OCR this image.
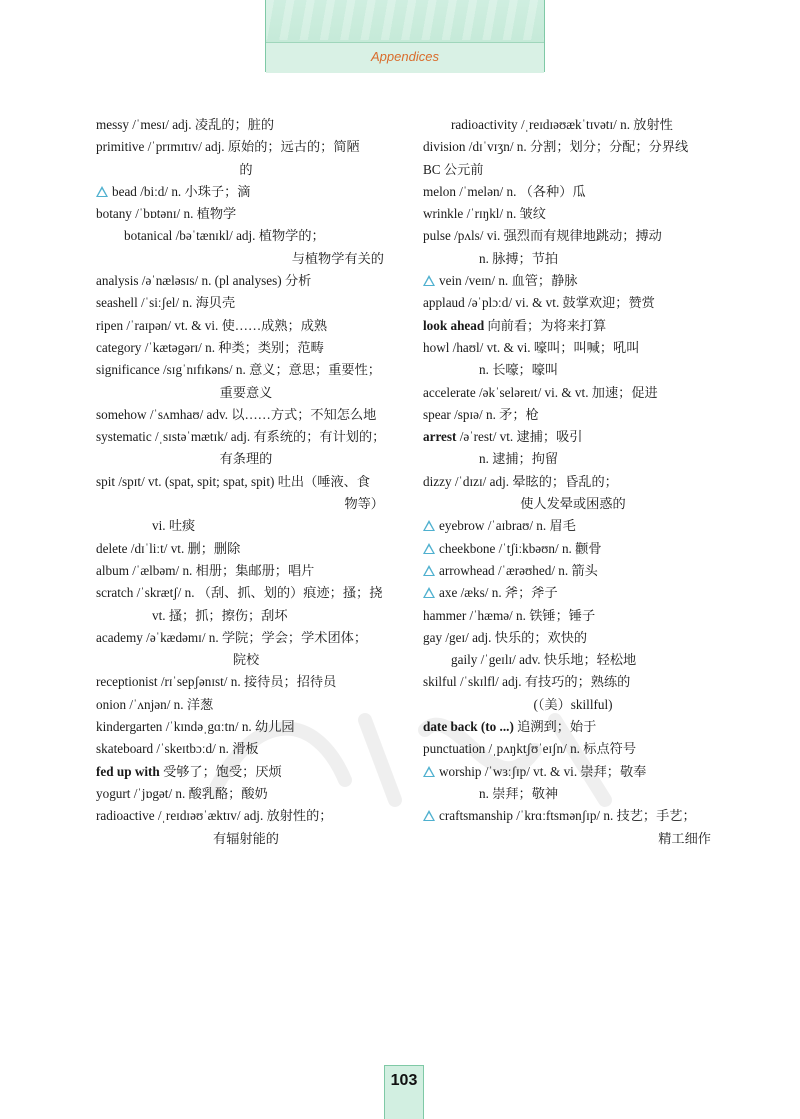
Appendices
messy /ˈmesɪ/ adj. 凌乱的；脏的
primitive /ˈprɪmɪtɪv/ adj. 原始的；远古的；简陋
的
bead /biːd/ n. 小珠子；滴
botany /ˈbɒtənɪ/ n. 植物学
botanical /bəˈtænɪkl/ adj. 植物学的；
与植物学有关的
analysis /əˈnæləsɪs/ n. (pl analyses) 分析
seashell /ˈsiːʃel/ n. 海贝壳
ripen /ˈraɪpən/ vt. & vi. 使……成熟；成熟
category /ˈkætəgərɪ/ n. 种类；类别；范畴
significance /sɪgˈnɪfɪkəns/ n. 意义；意思；重要性；
重要意义
somehow /ˈsʌmhaʊ/ adv. 以……方式；不知怎么地
systematic /ˌsɪstəˈmætɪk/ adj. 有系统的；有计划的；
有条理的
spit /spɪt/ vt. (spat, spit; spat, spit) 吐出（唾液、食
物等）
vi. 吐痰
delete /dɪˈliːt/ vt. 删；删除
album /ˈælbəm/ n. 相册；集邮册；唱片
scratch /ˈskrætʃ/ n. （刮、抓、划的）痕迹；搔；挠
vt. 搔；抓；擦伤；刮坏
academy /əˈkædəmɪ/ n. 学院；学会；学术团体；
院校
receptionist /rɪˈsepʃənɪst/ n. 接待员；招待员
onion /ˈʌnjən/ n. 洋葱
kindergarten /ˈkɪndəˌgɑːtn/ n. 幼儿园
skateboard /ˈskeɪtbɔːd/ n. 滑板
fed up with 受够了；饱受；厌烦
yogurt /ˈjɒgət/ n. 酸乳酪；酸奶
radioactive /ˌreɪdɪəʊˈæktɪv/ adj. 放射性的；
有辐射能的
radioactivity /ˌreɪdɪəʊækˈtɪvətɪ/ n. 放射性
division /dɪˈvɪʒn/ n. 分割；划分；分配；分界线
BC 公元前
melon /ˈmelən/ n. （各种）瓜
wrinkle /ˈrɪŋkl/ n. 皱纹
pulse /pʌls/ vi. 强烈而有规律地跳动；搏动
n. 脉搏；节拍
vein /veɪn/ n. 血管；静脉
applaud /əˈplɔːd/ vi. & vt. 鼓掌欢迎；赞赏
look ahead 向前看；为将来打算
howl /haʊl/ vt. & vi. 嚎叫；叫喊；吼叫
n. 长嚎；嚎叫
accelerate /əkˈseləreɪt/ vi. & vt. 加速；促进
spear /spɪə/ n. 矛；枪
arrest /əˈrest/ vt. 逮捕；吸引
n. 逮捕；拘留
dizzy /ˈdɪzɪ/ adj. 晕眩的；昏乱的；
使人发晕或困惑的
eyebrow /ˈaɪbraʊ/ n. 眉毛
cheekbone /ˈtʃiːkbəʊn/ n. 颧骨
arrowhead /ˈærəʊhed/ n. 箭头
axe /æks/ n. 斧；斧子
hammer /ˈhæmə/ n. 铁锤；锤子
gay /geɪ/ adj. 快乐的；欢快的
gaily /ˈgeɪlɪ/ adv. 快乐地；轻松地
skilful /ˈskɪlfl/ adj. 有技巧的；熟练的
(（美）skillful)
date back (to ...) 追溯到；始于
punctuation /ˌpʌŋktʃʊˈeɪʃn/ n. 标点符号
worship /ˈwɜːʃɪp/ vt. & vi. 崇拜；敬奉
n. 崇拜；敬神
craftsmanship /ˈkrɑːftsmənʃɪp/ n. 技艺；手艺；
精工细作
103
